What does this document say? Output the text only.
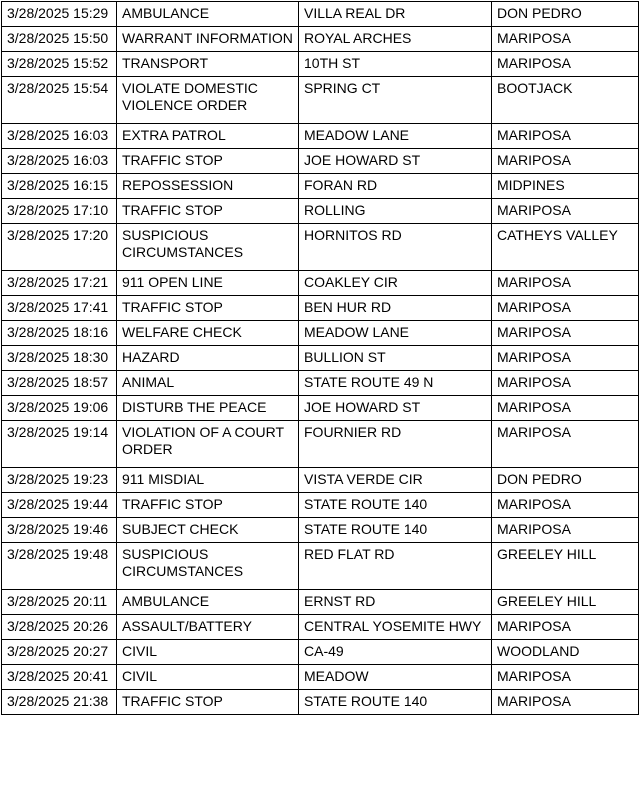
3/28/2025 15:29	AMBULANCE	VILLA REAL DR	DON PEDRO
3/28/2025 15:50	WARRANT INFORMATION	ROYAL ARCHES	MARIPOSA
3/28/2025 15:52	TRANSPORT	10TH ST	MARIPOSA
3/28/2025 15:54	VIOLATE DOMESTIC VIOLENCE ORDER	SPRING CT	BOOTJACK
3/28/2025 16:03	EXTRA PATROL	MEADOW LANE	MARIPOSA
3/28/2025 16:03	TRAFFIC STOP	JOE HOWARD ST	MARIPOSA
3/28/2025 16:15	REPOSSESSION	FORAN RD	MIDPINES
3/28/2025 17:10	TRAFFIC STOP	ROLLING	MARIPOSA
3/28/2025 17:20	SUSPICIOUS CIRCUMSTANCES	HORNITOS RD	CATHEYS VALLEY
3/28/2025 17:21	911 OPEN LINE	COAKLEY CIR	MARIPOSA
3/28/2025 17:41	TRAFFIC STOP	BEN HUR RD	MARIPOSA
3/28/2025 18:16	WELFARE CHECK	MEADOW LANE	MARIPOSA
3/28/2025 18:30	HAZARD	BULLION ST	MARIPOSA
3/28/2025 18:57	ANIMAL	STATE ROUTE 49 N	MARIPOSA
3/28/2025 19:06	DISTURB THE PEACE	JOE HOWARD ST	MARIPOSA
3/28/2025 19:14	VIOLATION OF A COURT ORDER	FOURNIER RD	MARIPOSA
3/28/2025 19:23	911 MISDIAL	VISTA VERDE CIR	DON PEDRO
3/28/2025 19:44	TRAFFIC STOP	STATE ROUTE 140	MARIPOSA
3/28/2025 19:46	SUBJECT CHECK	STATE ROUTE 140	MARIPOSA
3/28/2025 19:48	SUSPICIOUS CIRCUMSTANCES	RED FLAT RD	GREELEY HILL
3/28/2025 20:11	AMBULANCE	ERNST RD	GREELEY HILL
3/28/2025 20:26	ASSAULT/BATTERY	CENTRAL YOSEMITE HWY	MARIPOSA
3/28/2025 20:27	CIVIL	CA-49	WOODLAND
3/28/2025 20:41	CIVIL	MEADOW	MARIPOSA
3/28/2025 21:38	TRAFFIC STOP	STATE ROUTE 140	MARIPOSA
